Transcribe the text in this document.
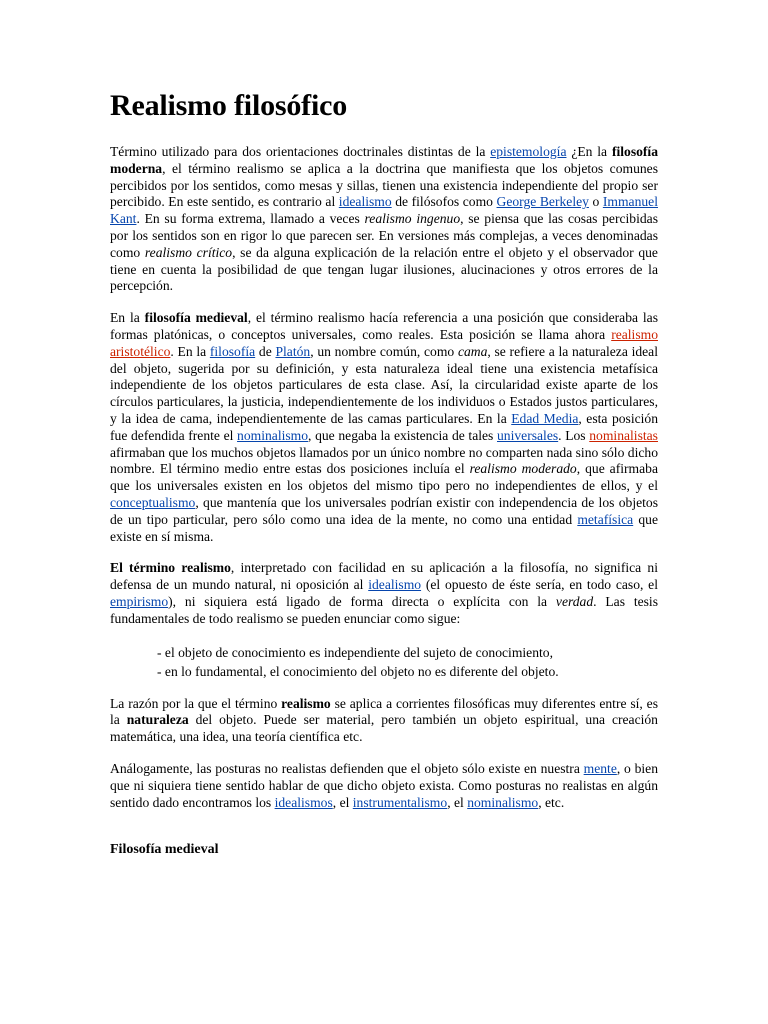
Realismo filosófico

Término utilizado para dos orientaciones doctrinales distintas de la epistemología ¿En la filosofía moderna, el término realismo se aplica a la doctrina que manifiesta que los objetos comunes percibidos por los sentidos, como mesas y sillas, tienen una existencia independiente del propio ser percibido. En este sentido, es contrario al idealismo de filósofos como George Berkeley o Immanuel Kant. En su forma extrema, llamado a veces realismo ingenuo, se piensa que las cosas percibidas por los sentidos son en rigor lo que parecen ser. En versiones más complejas, a veces denominadas como realismo crítico, se da alguna explicación de la relación entre el objeto y el observador que tiene en cuenta la posibilidad de que tengan lugar ilusiones, alucinaciones y otros errores de la percepción.

En la filosofía medieval, el término realismo hacía referencia a una posición que consideraba las formas platónicas, o conceptos universales, como reales. Esta posición se llama ahora realismo aristotélico. En la filosofía de Platón, un nombre común, como cama, se refiere a la naturaleza ideal del objeto, sugerida por su definición, y esta naturaleza ideal tiene una existencia metafísica independiente de los objetos particulares de esta clase. Así, la circularidad existe aparte de los círculos particulares, la justicia, independientemente de los individuos o Estados justos particulares, y la idea de cama, independientemente de las camas particulares. En la Edad Media, esta posición fue defendida frente el nominalismo, que negaba la existencia de tales universales. Los nominalistas afirmaban que los muchos objetos llamados por un único nombre no comparten nada sino sólo dicho nombre. El término medio entre estas dos posiciones incluía el realismo moderado, que afirmaba que los universales existen en los objetos del mismo tipo pero no independientes de ellos, y el conceptualismo, que mantenía que los universales podrían existir con independencia de los objetos de un tipo particular, pero sólo como una idea de la mente, no como una entidad metafísica que existe en sí misma.

El término realismo, interpretado con facilidad en su aplicación a la filosofía, no significa ni defensa de un mundo natural, ni oposición al idealismo (el opuesto de éste sería, en todo caso, el empirismo), ni siquiera está ligado de forma directa o explícita con la verdad. Las tesis fundamentales de todo realismo se pueden enunciar como sigue:

- el objeto de conocimiento es independiente del sujeto de conocimiento,
- en lo fundamental, el conocimiento del objeto no es diferente del objeto.

La razón por la que el término realismo se aplica a corrientes filosóficas muy diferentes entre sí, es la naturaleza del objeto. Puede ser material, pero también un objeto espiritual, una creación matemática, una idea, una teoría científica etc.

Análogamente, las posturas no realistas defienden que el objeto sólo existe en nuestra mente, o bien que ni siquiera tiene sentido hablar de que dicho objeto exista. Como posturas no realistas en algún sentido dado encontramos los idealismos, el instrumentalismo, el nominalismo, etc.

Filosofía medieval
